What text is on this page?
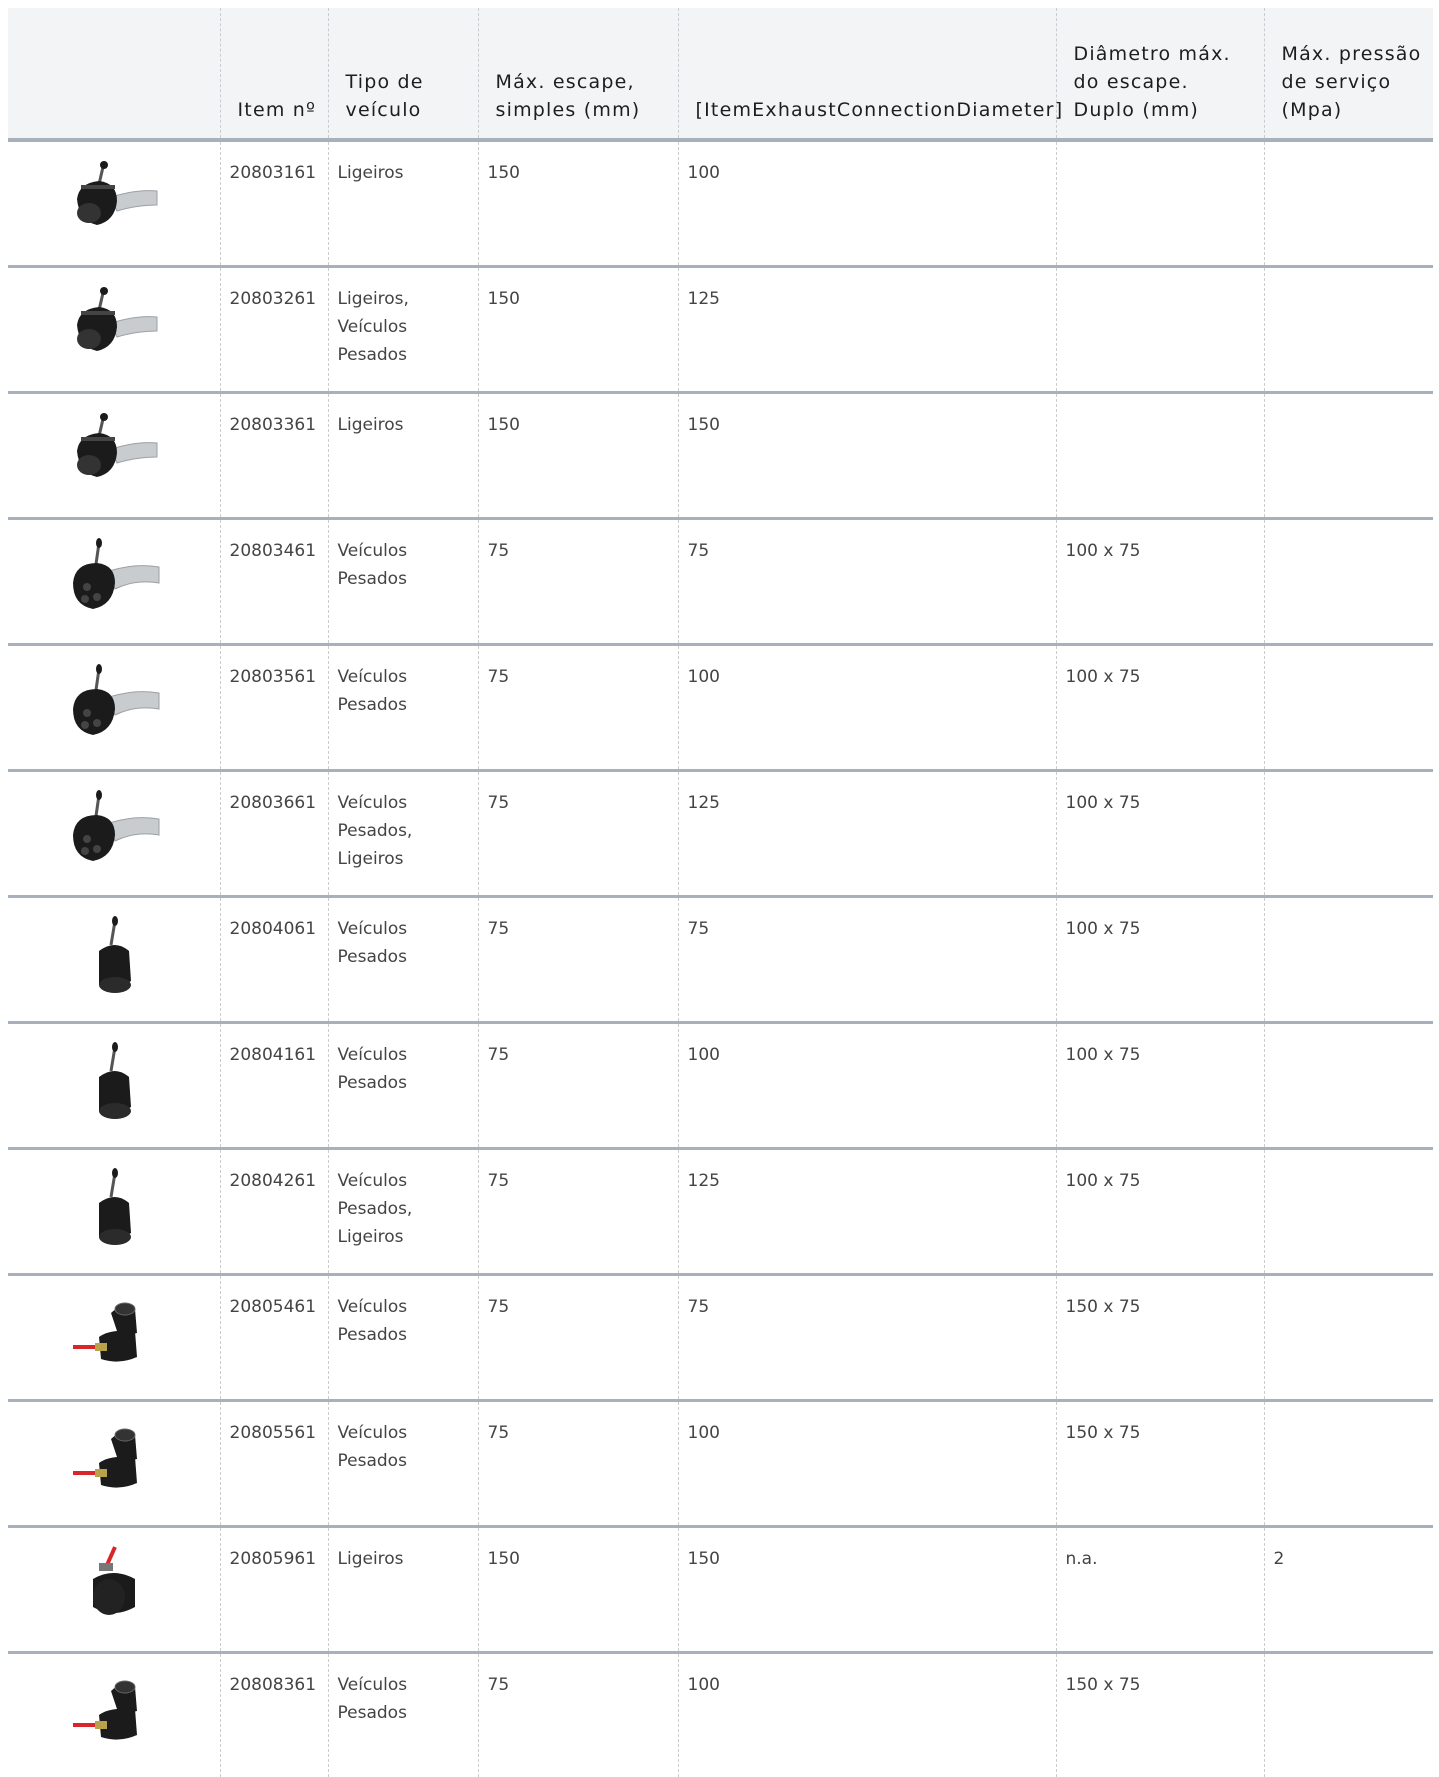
	Item nº	Tipo de veículo	Máx. escape, simples (mm)	[ItemExhaustConnectionDiameter]	Diâmetro máx. do escape. Duplo (mm)	Máx. pressão de serviço (Mpa)
	20803161	Ligeiros	150	100		
	20803261	Ligeiros, Veículos Pesados	150	125		
	20803361	Ligeiros	150	150		
	20803461	Veículos Pesados	75	75	100 x 75	
	20803561	Veículos Pesados	75	100	100 x 75	
	20803661	Veículos Pesados, Ligeiros	75	125	100 x 75	
	20804061	Veículos Pesados	75	75	100 x 75	
	20804161	Veículos Pesados	75	100	100 x 75	
	20804261	Veículos Pesados, Ligeiros	75	125	100 x 75	
	20805461	Veículos Pesados	75	75	150 x 75	
	20805561	Veículos Pesados	75	100	150 x 75	
	20805961	Ligeiros	150	150	n.a.	2
	20808361	Veículos Pesados	75	100	150 x 75	
